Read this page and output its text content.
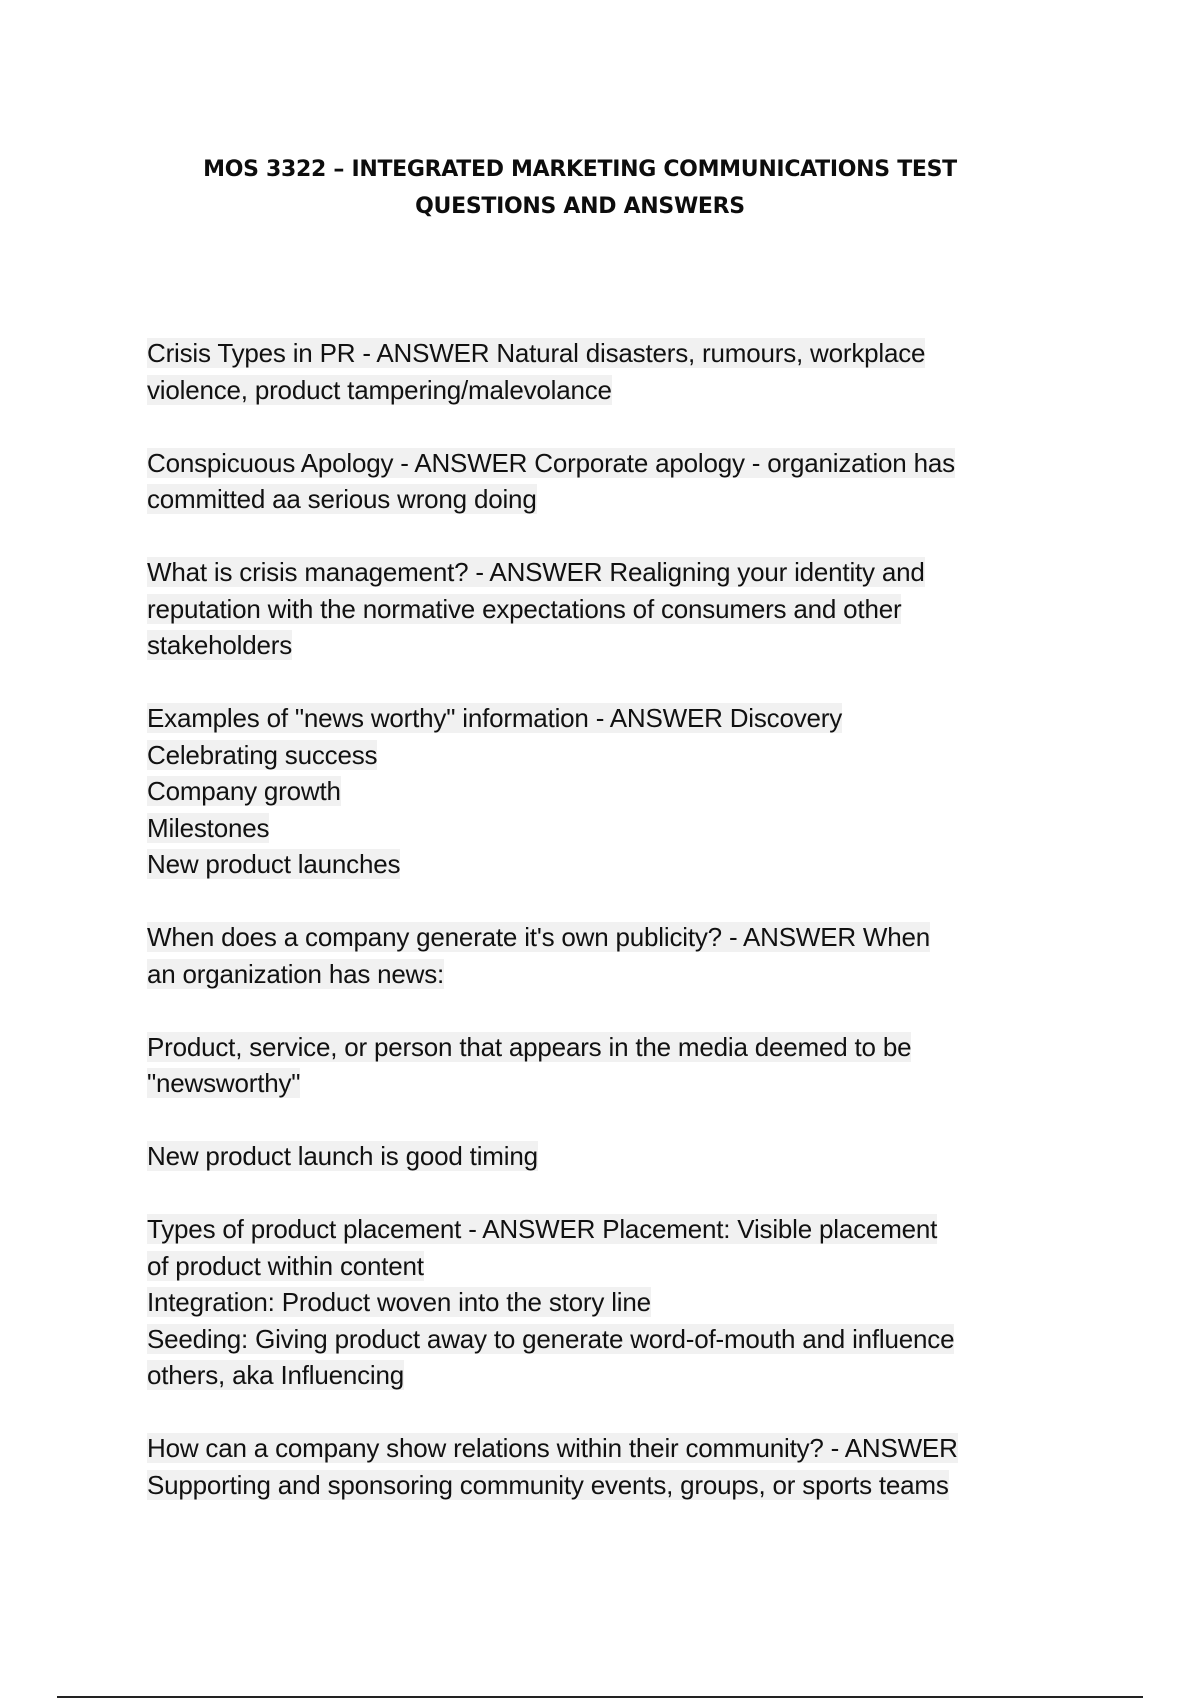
MOS 3322 – INTEGRATED MARKETING COMMUNICATIONS TEST
QUESTIONS AND ANSWERS
Crisis Types in PR - ANSWER Natural disasters, rumours, workplace
violence, product tampering/malevolance
Conspicuous Apology - ANSWER Corporate apology - organization has
committed aa serious wrong doing
What is crisis management? - ANSWER Realigning your identity and
reputation with the normative expectations of consumers and other
stakeholders
Examples of "news worthy" information - ANSWER Discovery
Celebrating success
Company growth
Milestones
New product launches
When does a company generate it's own publicity? - ANSWER When
an organization has news:
Product, service, or person that appears in the media deemed to be
"newsworthy"
New product launch is good timing
Types of product placement - ANSWER Placement: Visible placement
of product within content
Integration: Product woven into the story line
Seeding: Giving product away to generate word-of-mouth and influence
others, aka Influencing
How can a company show relations within their community? - ANSWER
Supporting and sponsoring community events, groups, or sports teams
